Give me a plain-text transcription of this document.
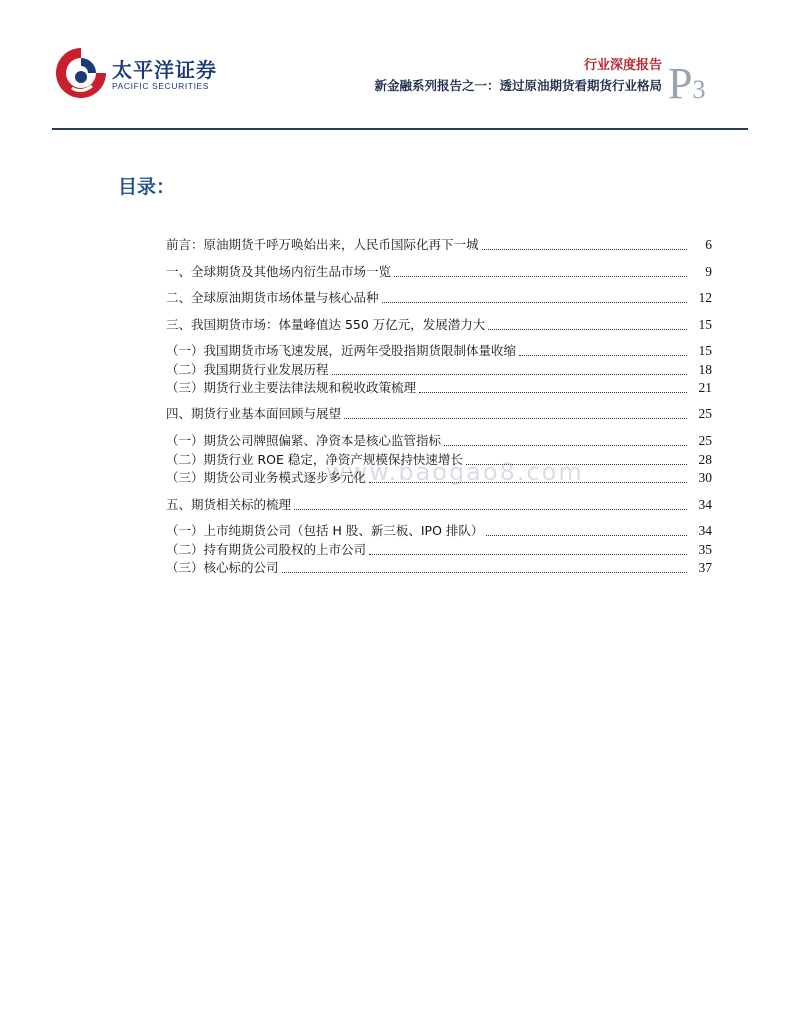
太平洋证券
PACIFIC SECURITIES
行业深度报告
新金融系列报告之一：透过原油期货看期货行业格局 P3
目录：
www.baogao8.com
前言：原油期货千呼万唤始出来，人民币国际化再下一城	6
一、全球期货及其他场内衍生品市场一览	9
二、全球原油期货市场体量与核心品种	12
三、我国期货市场：体量峰值达 550 万亿元，发展潜力大	15
（一）我国期货市场飞速发展，近两年受股指期货限制体量收缩	15
（二）我国期货行业发展历程	18
（三）期货行业主要法律法规和税收政策梳理	21
四、期货行业基本面回顾与展望	25
（一）期货公司牌照偏紧、净资本是核心监管指标	25
（二）期货行业 ROE 稳定，净资产规模保持快速增长	28
（三）期货公司业务模式逐步多元化	30
五、期货相关标的梳理	34
（一）上市纯期货公司（包括 H 股、新三板、IPO 排队）	34
（二）持有期货公司股权的上市公司	35
（三）核心标的公司	37
